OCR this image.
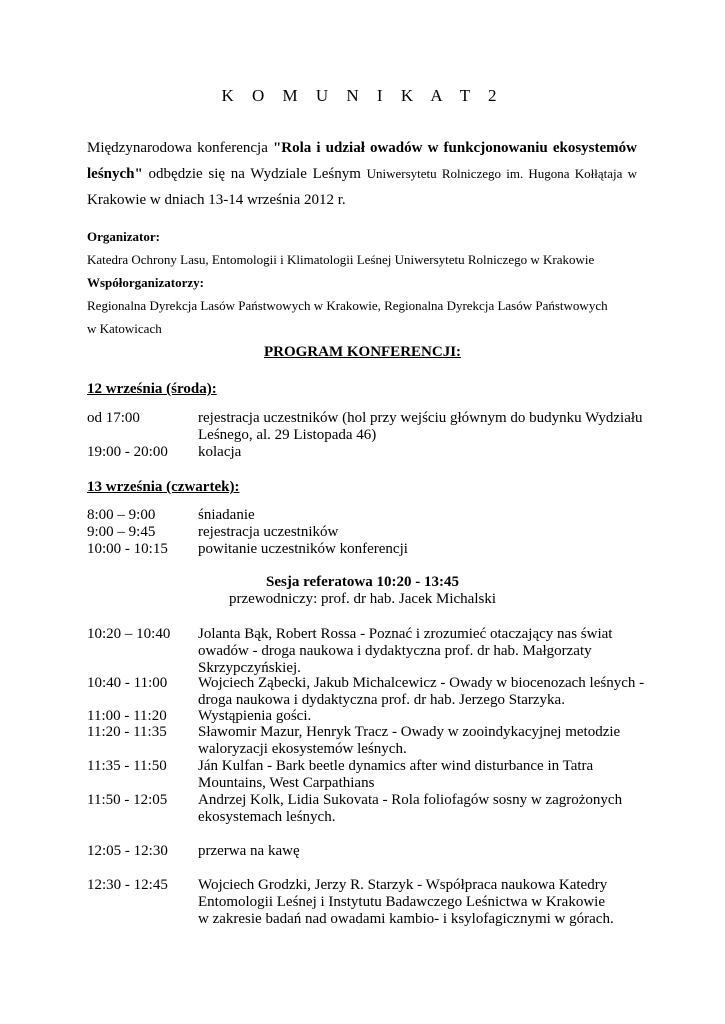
K O M U N I K A T 2
Międzynarodowa konferencja "Rola i udział owadów w funkcjonowaniu ekosystemów leśnych" odbędzie się na Wydziale Leśnym Uniwersytetu Rolniczego im. Hugona Kołłątaja w Krakowie w dniach 13-14 września 2012 r.
Organizator:
Katedra Ochrony Lasu, Entomologii i Klimatologii Leśnej Uniwersytetu Rolniczego w Krakowie
Współorganizatorzy:
Regionalna Dyrekcja Lasów Państwowych w Krakowie, Regionalna Dyrekcja Lasów Państwowych
w Katowicach
PROGRAM KONFERENCJI:
12 września (środa):
od 17:00	rejestracja uczestników (hol przy wejściu głównym do budynku Wydziału
Leśnego, al. 29 Listopada 46)
19:00 - 20:00 kolacja
13 września (czwartek):
8:00 – 9:00	śniadanie
9:00 – 9:45	rejestracja uczestników
10:00 - 10:15 powitanie uczestników konferencji
Sesja referatowa 10:20 - 13:45
przewodniczy: prof. dr hab. Jacek Michalski
10:20 – 10:40 Jolanta Bąk, Robert Rossa - Poznać i zrozumieć otaczający nas świat
owadów - droga naukowa i dydaktyczna prof. dr hab. Małgorzaty
Skrzypczyńskiej.
10:40 - 11:00 Wojciech Ząbecki, Jakub Michalcewicz - Owady w biocenozach leśnych -
droga naukowa i dydaktyczna prof. dr hab. Jerzego Starzyka.
11:00 - 11:20 Wystąpienia gości.
11:20 - 11:35 Sławomir Mazur, Henryk Tracz - Owady w zooindykacyjnej metodzie
waloryzacji ekosystemów leśnych.
11:35 - 11:50 Ján Kulfan - Bark beetle dynamics after wind disturbance in Tatra
Mountains, West Carpathians
11:50 - 12:05 Andrzej Kolk, Lidia Sukovata - Rola foliofagów sosny w zagrożonych
ekosystemach leśnych.
12:05 - 12:30 przerwa na kawę
12:30 - 12:45 Wojciech Grodzki, Jerzy R. Starzyk - Współpraca naukowa Katedry
Entomologii Leśnej i Instytutu Badawczego Leśnictwa w Krakowie
w zakresie badań nad owadami kambio- i ksylofagicznymi w górach.
